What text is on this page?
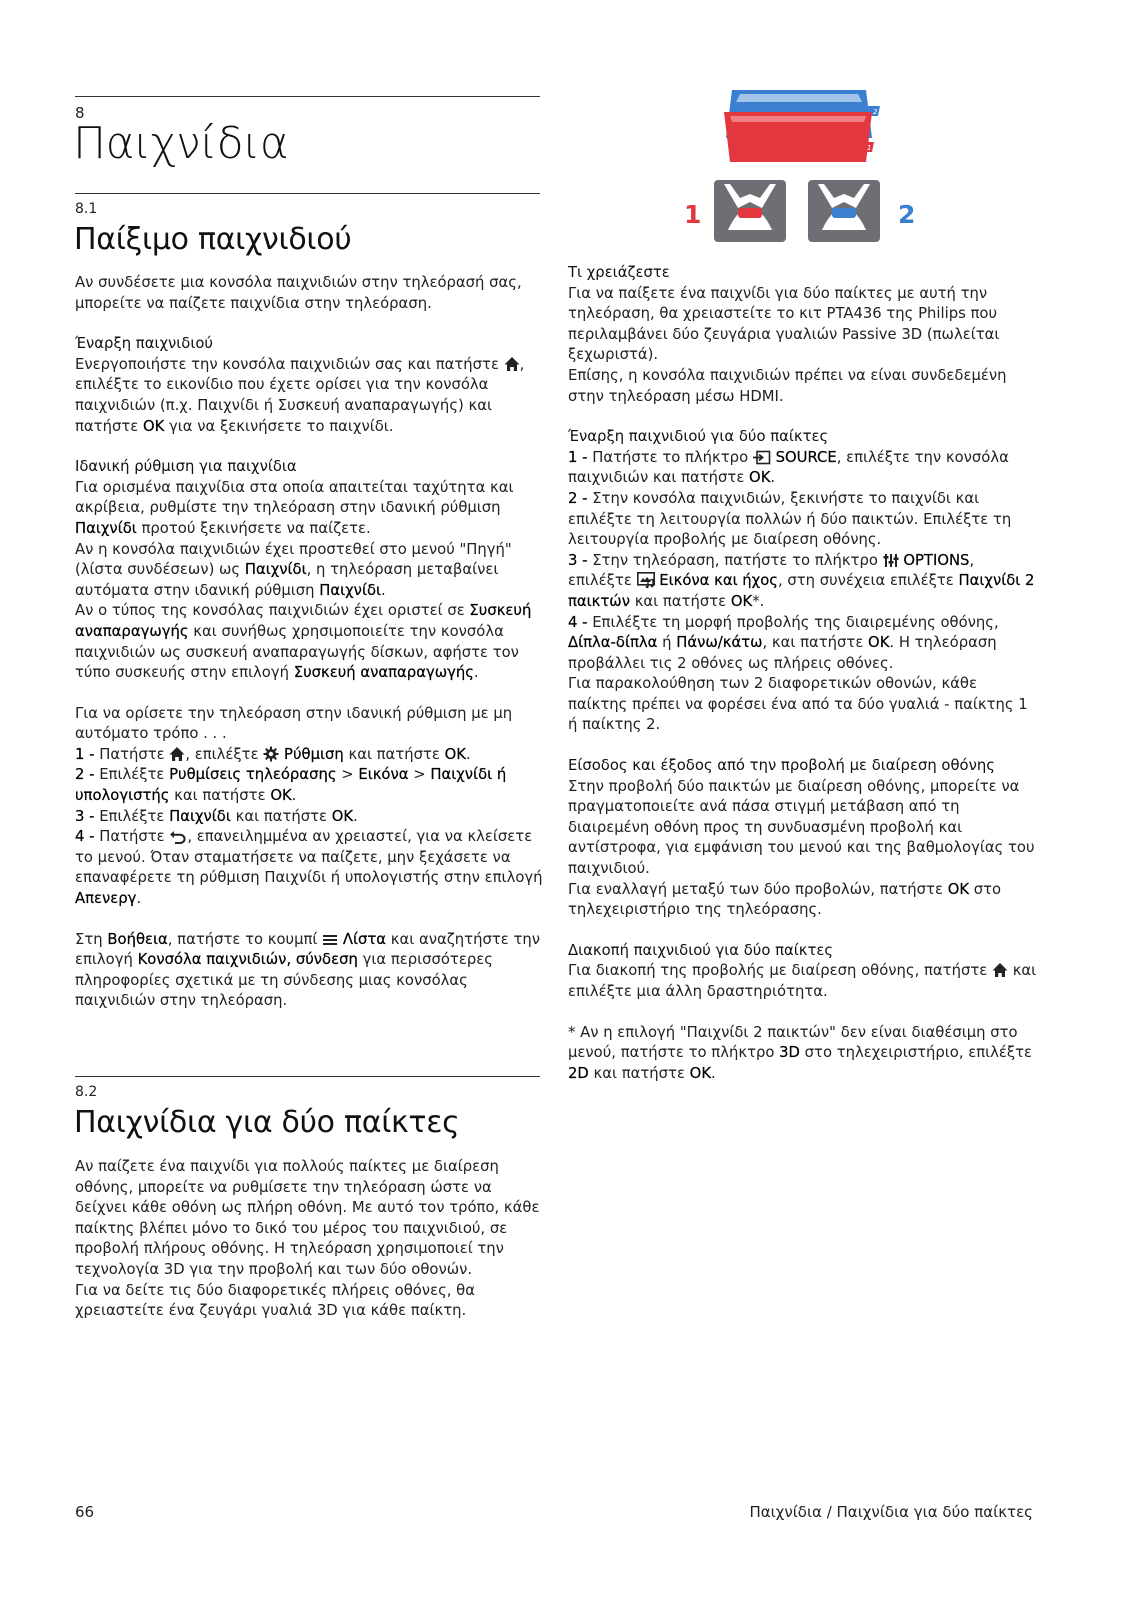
8
Παιχνίδια
8.1
Παίξιμο παιχνιδιού

Αν συνδέσετε μια κονσόλα παιχνιδιών στην τηλεόρασή σας, μπορείτε να παίζετε παιχνίδια στην τηλεόραση.

Έναρξη παιχνιδιού

Ενεργοποιήστε την κονσόλα παιχνιδιών σας και πατήστε , επιλέξτε το εικονίδιο που έχετε ορίσει για την κονσόλα παιχνιδιών (π.χ. Παιχνίδι ή Συσκευή αναπαραγωγής) και πατήστε OK για να ξεκινήσετε το παιχνίδι.

Ιδανική ρύθμιση για παιχνίδια

Για ορισμένα παιχνίδια στα οποία απαιτείται ταχύτητα και ακρίβεια, ρυθμίστε την τηλεόραση στην ιδανική ρύθμιση Παιχνίδι προτού ξεκινήσετε να παίζετε.

Αν η κονσόλα παιχνιδιών έχει προστεθεί στο μενού "Πηγή" (λίστα συνδέσεων) ως Παιχνίδι, η τηλεόραση μεταβαίνει αυτόματα στην ιδανική ρύθμιση Παιχνίδι.

Αν ο τύπος της κονσόλας παιχνιδιών έχει οριστεί σε Συσκευή αναπαραγωγής και συνήθως χρησιμοποιείτε την κονσόλα παιχνιδιών ως συσκευή αναπαραγωγής δίσκων, αφήστε τον τύπο συσκευής στην επιλογή Συσκευή αναπαραγωγής.

Για να ορίσετε την τηλεόραση στην ιδανική ρύθμιση με μη αυτόματο τρόπο . . .

1 - Πατήστε , επιλέξτε Ρύθμιση και πατήστε OK.

2 - Επιλέξτε Ρυθμίσεις τηλεόρασης > Εικόνα > Παιχνίδι ή υπολογιστής και πατήστε OK.

3 - Επιλέξτε Παιχνίδι και πατήστε OK.

4 - Πατήστε , επανειλημμένα αν χρειαστεί, για να κλείσετε το μενού. Όταν σταματήσετε να παίζετε, μην ξεχάσετε να επαναφέρετε τη ρύθμιση Παιχνίδι ή υπολογιστής στην επιλογή Απενεργ.

Στη Βοήθεια, πατήστε το κουμπί Λίστα και αναζητήστε την επιλογή Κονσόλα παιχνιδιών, σύνδεση για περισσότερες πληροφορίες σχετικά με τη σύνδεσης μιας κονσόλας παιχνιδιών στην τηλεόραση.

8.2
Παιχνίδια για δύο παίκτες

Αν παίζετε ένα παιχνίδι για πολλούς παίκτες με διαίρεση οθόνης, μπορείτε να ρυθμίσετε την τηλεόραση ώστε να δείχνει κάθε οθόνη ως πλήρη οθόνη. Με αυτό τον τρόπο, κάθε παίκτης βλέπει μόνο το δικό του μέρος του παιχνιδιού, σε προβολή πλήρους οθόνης. Η τηλεόραση χρησιμοποιεί την τεχνολογία 3D για την προβολή και των δύο οθονών.

Για να δείτε τις δύο διαφορετικές πλήρεις οθόνες, θα χρειαστείτε ένα ζευγάρι γυαλιά 3D για κάθε παίκτη.

2
1
1	2
Τι χρειάζεστε

Για να παίξετε ένα παιχνίδι για δύο παίκτες με αυτή την τηλεόραση, θα χρειαστείτε το κιτ PTA436 της Philips που περιλαμβάνει δύο ζευγάρια γυαλιών Passive 3D (πωλείται ξεχωριστά).

Επίσης, η κονσόλα παιχνιδιών πρέπει να είναι συνδεδεμένη στην τηλεόραση μέσω HDMI.

Έναρξη παιχνιδιού για δύο παίκτες

1 - Πατήστε το πλήκτρο SOURCE, επιλέξτε την κονσόλα παιχνιδιών και πατήστε OK.

2 - Στην κονσόλα παιχνιδιών, ξεκινήστε το παιχνίδι και επιλέξτε τη λειτουργία πολλών ή δύο παικτών. Επιλέξτε τη λειτουργία προβολής με διαίρεση οθόνης.

3 - Στην τηλεόραση, πατήστε το πλήκτρο OPTIONS, επιλέξτε Εικόνα και ήχος, στη συνέχεια επιλέξτε Παιχνίδι 2 παικτών και πατήστε OK*.

4 - Επιλέξτε τη μορφή προβολής της διαιρεμένης οθόνης, Δίπλα-δίπλα ή Πάνω/κάτω, και πατήστε OK. Η τηλεόραση προβάλλει τις 2 οθόνες ως πλήρεις οθόνες.

Για παρακολούθηση των 2 διαφορετικών οθονών, κάθε παίκτης πρέπει να φορέσει ένα από τα δύο γυαλιά - παίκτης 1 ή παίκτης 2.

Είσοδος και έξοδος από την προβολή με διαίρεση οθόνης

Στην προβολή δύο παικτών με διαίρεση οθόνης, μπορείτε να πραγματοποιείτε ανά πάσα στιγμή μετάβαση από τη διαιρεμένη οθόνη προς τη συνδυασμένη προβολή και αντίστροφα, για εμφάνιση του μενού και της βαθμολογίας του παιχνιδιού.

Για εναλλαγή μεταξύ των δύο προβολών, πατήστε OK στο τηλεχειριστήριο της τηλεόρασης.

Διακοπή παιχνιδιού για δύο παίκτες

Για διακοπή της προβολής με διαίρεση οθόνης, πατήστε και επιλέξτε μια άλλη δραστηριότητα.

* Αν η επιλογή "Παιχνίδι 2 παικτών" δεν είναι διαθέσιμη στο μενού, πατήστε το πλήκτρο 3D στο τηλεχειριστήριο, επιλέξτε 2D και πατήστε OK.

66	Παιχνίδια / Παιχνίδια για δύο παίκτες
